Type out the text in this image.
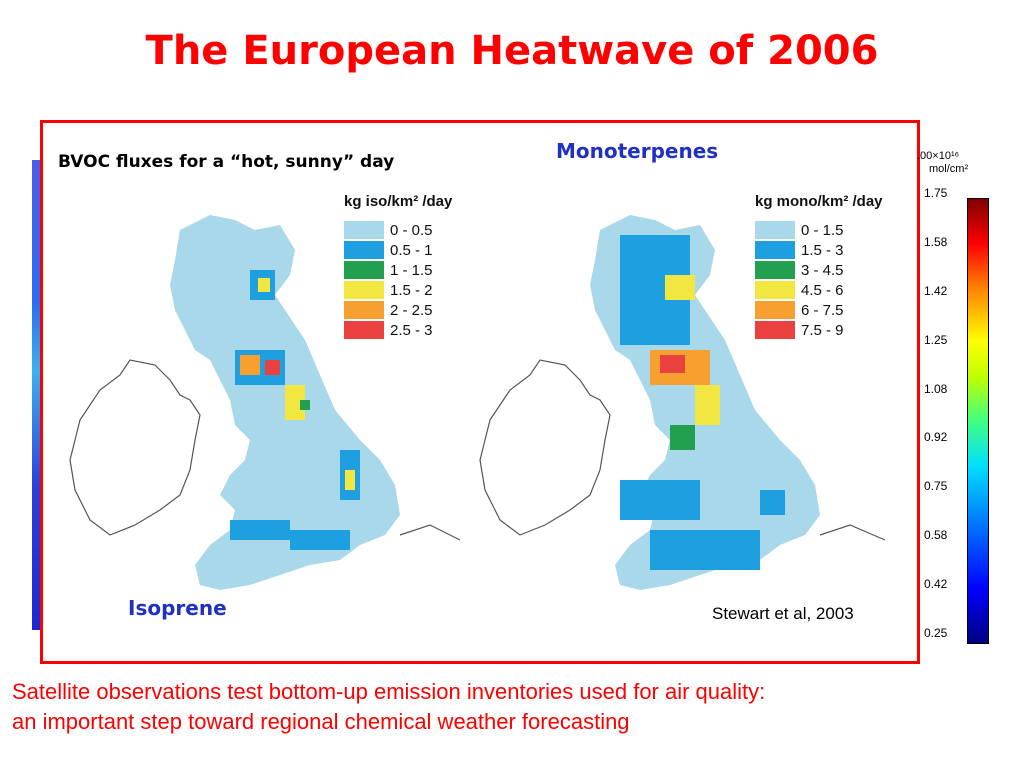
The European Heatwave of 2006
BVOC fluxes for a “hot, sunny” day	Monoterpenes
Isoprene	Stewart et al, 2003
kg iso/km² /day
0 - 0.5
0.5 - 1
1 - 1.5
1.5 - 2
2 - 2.5
2.5 - 3
kg mono/km² /day
0 - 1.5
1.5 - 3
3 - 4.5
4.5 - 6
6 - 7.5
7.5 - 9
.00×10¹⁶
mol/cm²
1.75
1.58
1.42
1.25
1.08
0.92
0.75
0.58
0.42
0.25
Satellite observations test bottom-up emission inventories used for air quality:
an important step toward regional chemical weather forecasting
